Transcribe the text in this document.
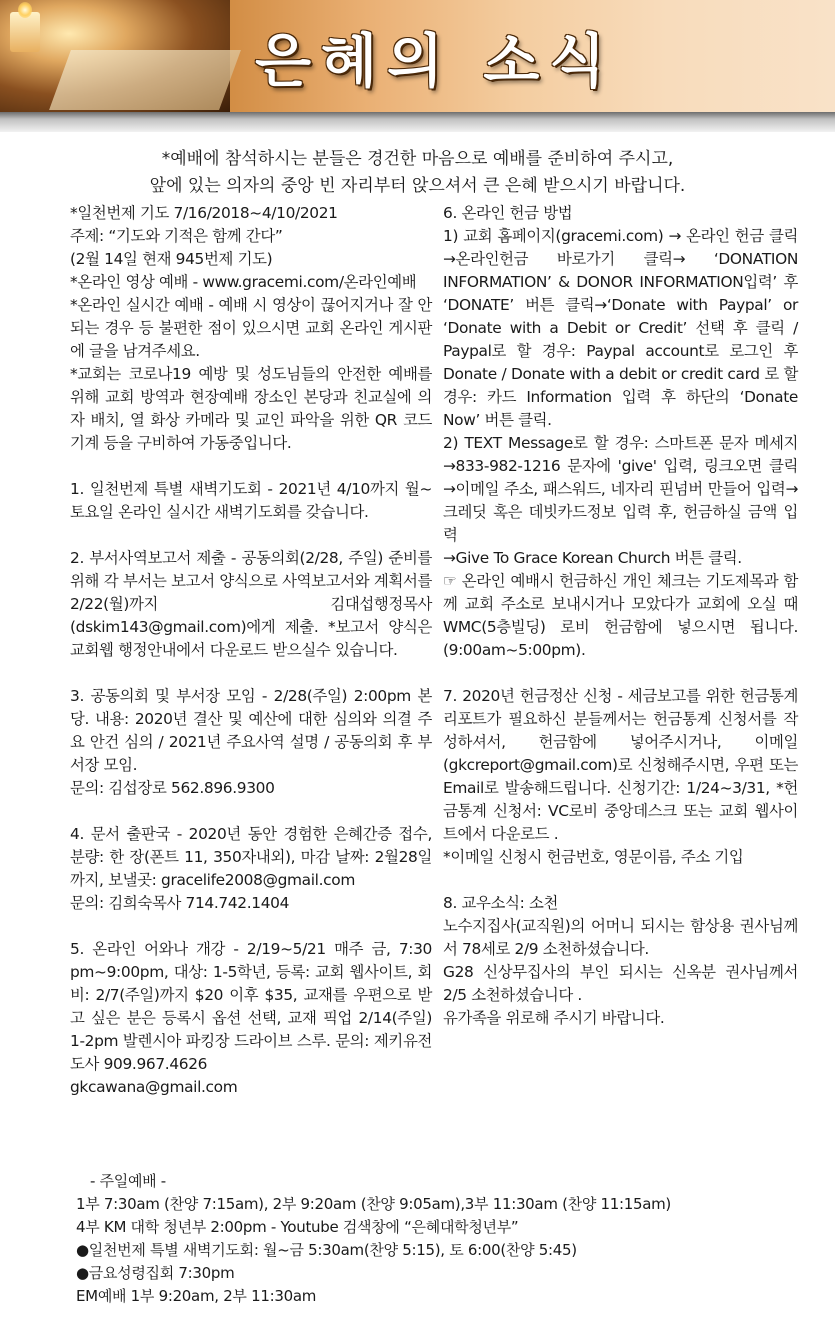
은혜의 소식
*예배에 참석하시는 분들은 경건한 마음으로 예배를 준비하여 주시고,
앞에 있는 의자의 중앙 빈 자리부터 앉으셔서 큰 은혜 받으시기 바랍니다.

*일천번제 기도 7/16/2018~4/10/2021

주제: “기도와 기적은 함께 간다”

(2월 14일 현재 945번제 기도)

*온라인 영상 예배 - www.gracemi.com/온라인예배

*온라인 실시간 예배 - 예배 시 영상이 끊어지거나 잘 안 되는 경우 등 불편한 점이 있으시면 교회 온라인 게시판에 글을 남겨주세요.

*교회는 코로나19 예방 및 성도님들의 안전한 예배를 위해 교회 방역과 현장예배 장소인 본당과 친교실에 의자 배치, 열 화상 카메라 및 교인 파악을 위한 QR 코드 기계 등을 구비하여 가동중입니다.

1. 일천번제 특별 새벽기도회 - 2021년 4/10까지 월~토요일 온라인 실시간 새벽기도회를 갖습니다.

2. 부서사역보고서 제출 - 공동의회(2/28, 주일) 준비를 위해 각 부서는 보고서 양식으로 사역보고서와 계획서를 2/22(월)까지 김대섭행정목사(dskim143@gmail.com)에게 제출. *보고서 양식은 교회웹 행정안내에서 다운로드 받으실수 있습니다.

3. 공동의회 및 부서장 모임 - 2/28(주일) 2:00pm 본당. 내용: 2020년 결산 및 예산에 대한 심의와 의결 주요 안건 심의 / 2021년 주요사역 설명 / 공동의회 후 부서장 모임.

문의: 김섭장로 562.896.9300

4. 문서 출판국 - 2020년 동안 경험한 은혜간증 접수, 분량: 한 장(폰트 11, 350자내외), 마감 날짜: 2월28일 까지, 보낼곳: gracelife2008@gmail.com

문의: 김희숙목사 714.742.1404

5. 온라인 어와나 개강 - 2/19~5/21 매주 금, 7:30 pm~9:00pm, 대상: 1-5학년, 등록: 교회 웹사이트, 회비: 2/7(주일)까지 $20 이후 $35, 교재를 우편으로 받고 싶은 분은 등록시 옵션 선택, 교재 픽업 2/14(주일) 1-2pm 발렌시아 파킹장 드라이브 스루. 문의: 제키유전도사 909.967.4626

gkcawana@gmail.com

6. 온라인 헌금 방법

1) 교회 홈페이지(gracemi.com) → 온라인 헌금 클릭→온라인헌금 바로가기 클릭→ ‘DONATION INFORMATION’ & DONOR INFORMATION입력’ 후 ‘DONATE’ 버튼 클릭→‘Donate with Paypal’ or ‘Donate with a Debit or Credit’ 선택 후 클릭 / Paypal로 할 경우: Paypal account로 로그인 후 Donate / Donate with a debit or credit card 로 할 경우: 카드 Information 입력 후 하단의 ‘Donate Now’ 버튼 클릭.

2) TEXT Message로 할 경우: 스마트폰 문자 메세지→833-982-1216 문자에 'give' 입력, 링크오면 클릭→이메일 주소, 패스워드, 네자리 핀넘버 만들어 입력→크레딧 혹은 데빗카드정보 입력 후, 헌금하실 금액 입력

→Give To Grace Korean Church 버튼 클릭.

☞ 온라인 예배시 헌금하신 개인 체크는 기도제목과 함께 교회 주소로 보내시거나 모았다가 교회에 오실 때 WMC(5층빌딩) 로비 헌금함에 넣으시면 됩니다. (9:00am~5:00pm).

7. 2020년 헌금정산 신청 - 세금보고를 위한 헌금통계 리포트가 필요하신 분들께서는 헌금통계 신청서를 작성하셔서, 헌금함에 넣어주시거나, 이메일(gkcreport@gmail.com)로 신청해주시면, 우편 또는 Email로 발송해드립니다. 신청기간: 1/24~3/31, *헌금통계 신청서: VC로비 중앙데스크 또는 교회 웹사이트에서 다운로드 .

*이메일 신청시 헌금번호, 영문이름, 주소 기입

8. 교우소식: 소천

노수지집사(교직원)의 어머니 되시는 함상용 권사님께서 78세로 2/9 소천하셨습니다.

G28 신상무집사의 부인 되시는 신옥분 권사님께서 2/5 소천하셨습니다 .

유가족을 위로해 주시기 바랍니다.

- 주일예배 -

1부 7:30am (찬양 7:15am), 2부 9:20am (찬양 9:05am),3부 11:30am (찬양 11:15am)

4부 KM 대학 청년부 2:00pm - Youtube 검색창에 “은혜대학청년부”

●일천번제 특별 새벽기도회: 월~금 5:30am(찬양 5:15), 토 6:00(찬양 5:45)

●금요성령집회 7:30pm

EM예배 1부 9:20am, 2부 11:30am
